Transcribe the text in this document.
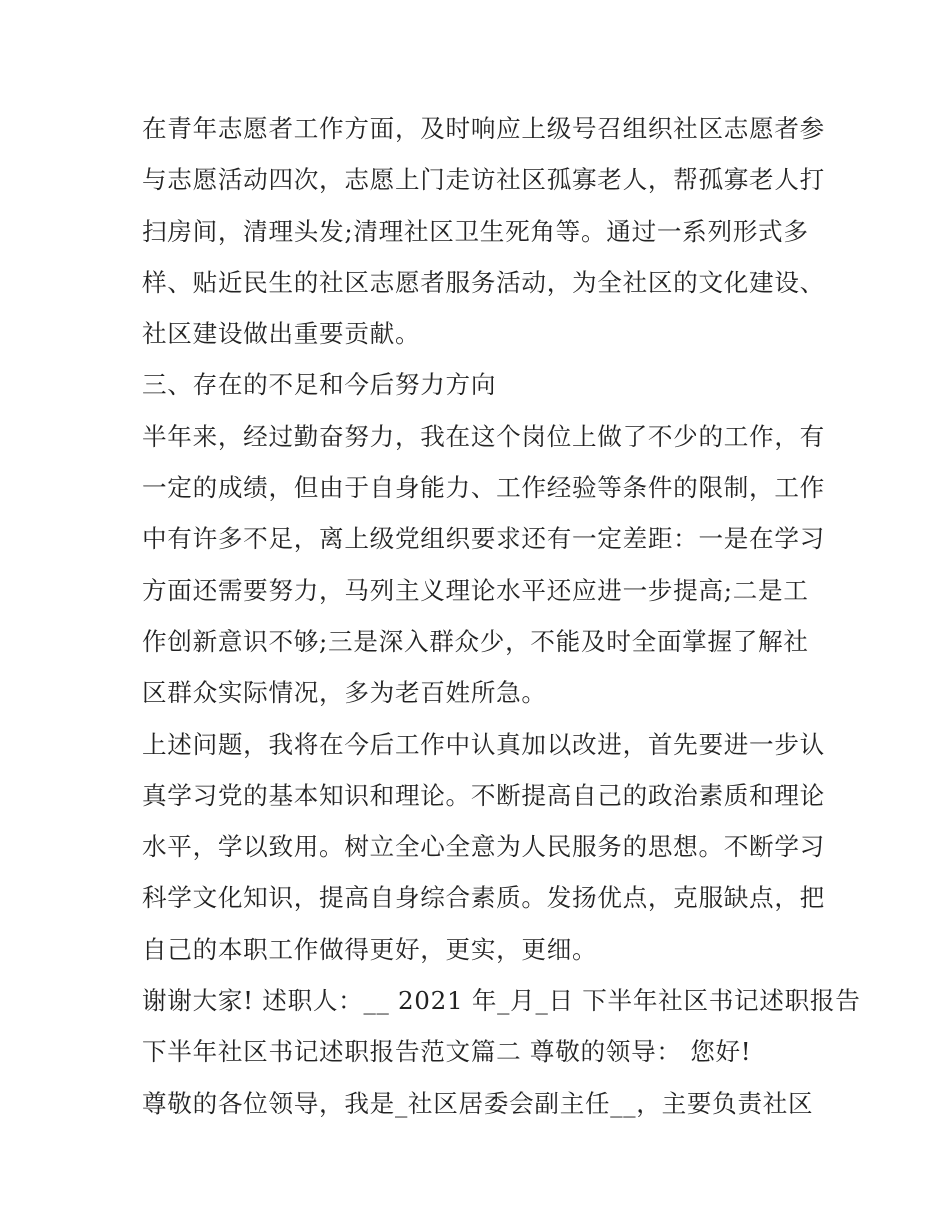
在青年志愿者工作方面，及时响应上级号召组织社区志愿者参
与志愿活动四次，志愿上门走访社区孤寡老人，帮孤寡老人打
扫房间，清理头发;清理社区卫生死角等。通过一系列形式多
样、贴近民生的社区志愿者服务活动，为全社区的文化建设、
社区建设做出重要贡献。
三、存在的不足和今后努力方向
半年来，经过勤奋努力，我在这个岗位上做了不少的工作，有
一定的成绩，但由于自身能力、工作经验等条件的限制，工作
中有许多不足，离上级党组织要求还有一定差距：一是在学习
方面还需要努力，马列主义理论水平还应进一步提高;二是工
作创新意识不够;三是深入群众少，不能及时全面掌握了解社
区群众实际情况，多为老百姓所急。
上述问题，我将在今后工作中认真加以改进，首先要进一步认
真学习党的基本知识和理论。不断提高自己的政治素质和理论
水平，学以致用。树立全心全意为人民服务的思想。不断学习
科学文化知识，提高自身综合素质。发扬优点，克服缺点，把
自己的本职工作做得更好，更实，更细。
谢谢大家! 述职人：__ 2021 年_月_日 下半年社区书记述职报告
下半年社区书记述职报告范文篇二 尊敬的领导： 您好!
尊敬的各位领导，我是_社区居委会副主任__，主要负责社区
